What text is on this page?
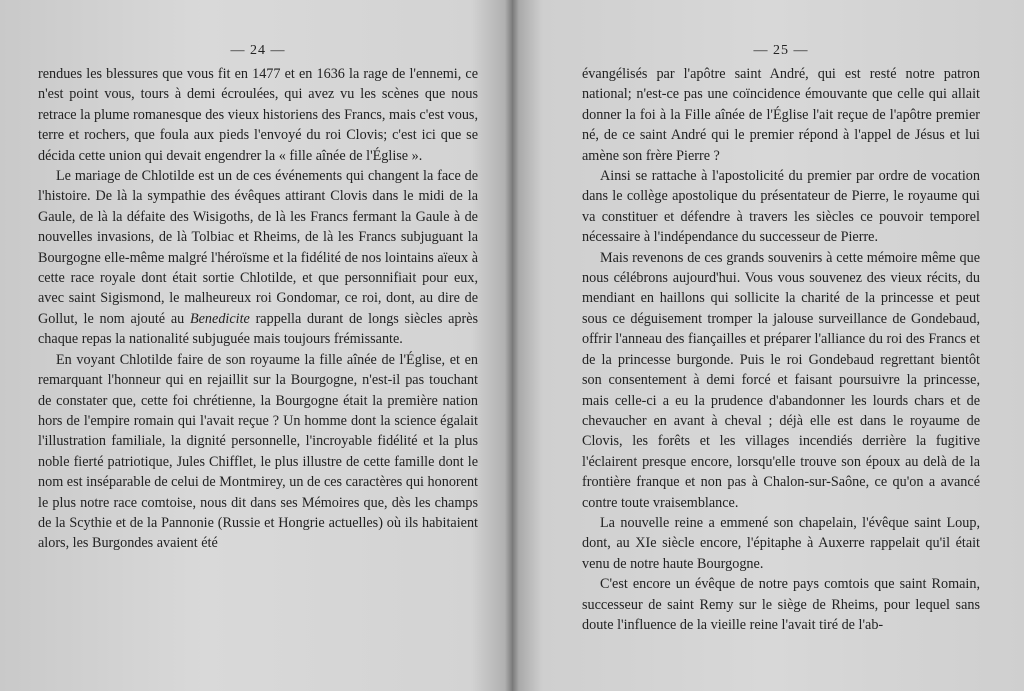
— 24 —

rendues les blessures que vous fit en 1477 et en 1636 la rage de l'ennemi, ce n'est point vous, tours à demi écroulées, qui avez vu les scènes que nous retrace la plume romanesque des vieux historiens des Francs, mais c'est vous, terre et rochers, que foula aux pieds l'envoyé du roi Clovis; c'est ici que se décida cette union qui devait engendrer la « fille aînée de l'Église ».

Le mariage de Chlotilde est un de ces événements qui changent la face de l'histoire. De là la sympathie des évêques attirant Clovis dans le midi de la Gaule, de là la défaite des Wisigoths, de là les Francs fermant la Gaule à de nouvelles invasions, de là Tolbiac et Rheims, de là les Francs subjuguant la Bourgogne elle-même malgré l'héroïsme et la fidélité de nos lointains aïeux à cette race royale dont était sortie Chlotilde, et que personnifiait pour eux, avec saint Sigismond, le malheureux roi Gondomar, ce roi, dont, au dire de Gollut, le nom ajouté au Benedicite rappella durant de longs siècles après chaque repas la nationalité subjuguée mais toujours frémissante.

En voyant Chlotilde faire de son royaume la fille aînée de l'Église, et en remarquant l'honneur qui en rejaillit sur la Bourgogne, n'est-il pas touchant de constater que, cette foi chrétienne, la Bourgogne était la première nation hors de l'empire romain qui l'avait reçue ? Un homme dont la science égalait l'illustration familiale, la dignité personnelle, l'incroyable fidélité et la plus noble fierté patriotique, Jules Chifflet, le plus illustre de cette famille dont le nom est inséparable de celui de Montmirey, un de ces caractères qui honorent le plus notre race comtoise, nous dit dans ses Mémoires que, dès les champs de la Scythie et de la Pannonie (Russie et Hongrie actuelles) où ils habitaient alors, les Burgondes avaient été

— 25 —

évangélisés par l'apôtre saint André, qui est resté notre patron national; n'est-ce pas une coïncidence émouvante que celle qui allait donner la foi à la Fille aînée de l'Église l'ait reçue de l'apôtre premier né, de ce saint André qui le premier répond à l'appel de Jésus et lui amène son frère Pierre ?

Ainsi se rattache à l'apostolicité du premier par ordre de vocation dans le collège apostolique du présentateur de Pierre, le royaume qui va constituer et défendre à travers les siècles ce pouvoir temporel nécessaire à l'indépendance du successeur de Pierre.

Mais revenons de ces grands souvenirs à cette mémoire même que nous célébrons aujourd'hui. Vous vous souvenez des vieux récits, du mendiant en haillons qui sollicite la charité de la princesse et peut sous ce déguisement tromper la jalouse surveillance de Gondebaud, offrir l'anneau des fiançailles et préparer l'alliance du roi des Francs et de la princesse burgonde. Puis le roi Gondebaud regrettant bientôt son consentement à demi forcé et faisant poursuivre la princesse, mais celle-ci a eu la prudence d'abandonner les lourds chars et de chevaucher en avant à cheval ; déjà elle est dans le royaume de Clovis, les forêts et les villages incendiés derrière la fugitive l'éclairent presque encore, lorsqu'elle trouve son époux au delà de la frontière franque et non pas à Chalon-sur-Saône, ce qu'on a avancé contre toute vraisemblance.

La nouvelle reine a emmené son chapelain, l'évêque saint Loup, dont, au XIe siècle encore, l'épitaphe à Auxerre rappelait qu'il était venu de notre haute Bourgogne.

C'est encore un évêque de notre pays comtois que saint Romain, successeur de saint Remy sur le siège de Rheims, pour lequel sans doute l'influence de la vieille reine l'avait tiré de l'ab-
